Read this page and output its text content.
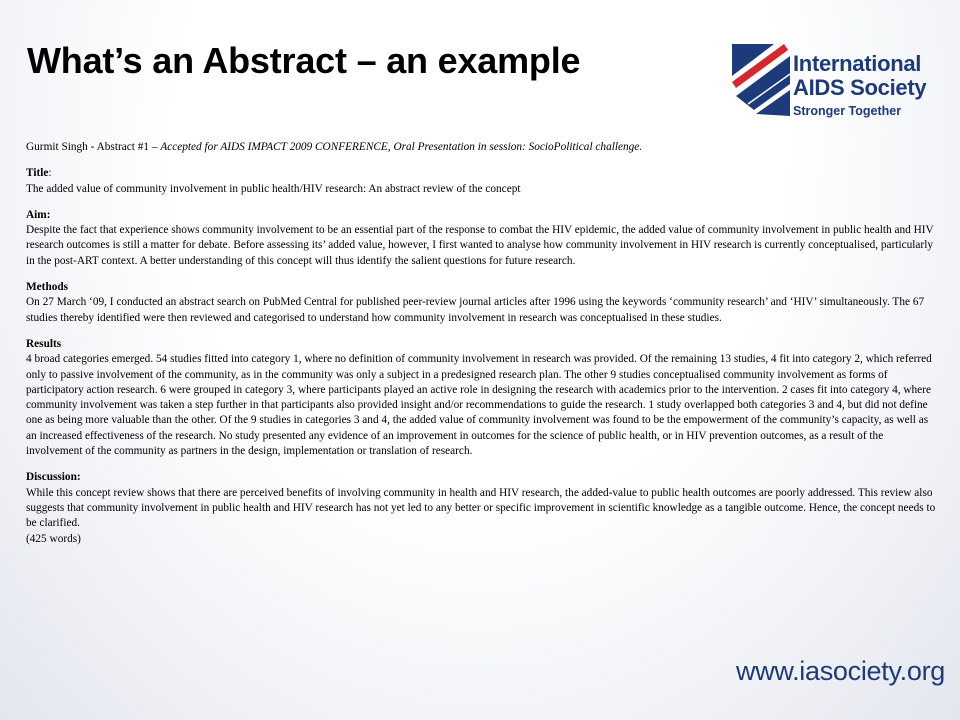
What’s an Abstract – an example	International
AIDS Society
Stronger Together

Gurmit Singh - Abstract #1 – Accepted for AIDS IMPACT 2009 CONFERENCE, Oral Presentation in session: SocioPolitical challenge.

Title:

The added value of community involvement in public health/HIV research: An abstract review of the concept

Aim:

Despite the fact that experience shows community involvement to be an essential part of the response to combat the HIV epidemic, the added value of community involvement in public health and HIV research outcomes is still a matter for debate. Before assessing its’ added value, however, I first wanted to analyse how community involvement in HIV research is currently conceptualised, particularly in the post-ART context. A better understanding of this concept will thus identify the salient questions for future research.

Methods

On 27 March ‘09, I conducted an abstract search on PubMed Central for published peer-review journal articles after 1996 using the keywords ‘community research’ and ‘HIV’ simultaneously. The 67 studies thereby identified were then reviewed and categorised to understand how community involvement in research was conceptualised in these studies.

Results

4 broad categories emerged. 54 studies fitted into category 1, where no definition of community involvement in research was provided. Of the remaining 13 studies, 4 fit into category 2, which referred only to passive involvement of the community, as in the community was only a subject in a predesigned research plan. The other 9 studies conceptualised community involvement as forms of participatory action research. 6 were grouped in category 3, where participants played an active role in designing the research with academics prior to the intervention. 2 cases fit into category 4, where community involvement was taken a step further in that participants also provided insight and/or recommendations to guide the research. 1 study overlapped both categories 3 and 4, but did not define one as being more valuable than the other. Of the 9 studies in categories 3 and 4, the added value of community involvement was found to be the empowerment of the community’s capacity, as well as an increased effectiveness of the research. No study presented any evidence of an improvement in outcomes for the science of public health, or in HIV prevention outcomes, as a result of the involvement of the community as partners in the design, implementation or translation of research.

Discussion:

While this concept review shows that there are perceived benefits of involving community in health and HIV research, the added-value to public health outcomes are poorly addressed. This review also suggests that community involvement in public health and HIV research has not yet led to any better or specific improvement in scientific knowledge as a tangible outcome. Hence, the concept needs to be clarified.

(425 words)

www.iasociety.org
